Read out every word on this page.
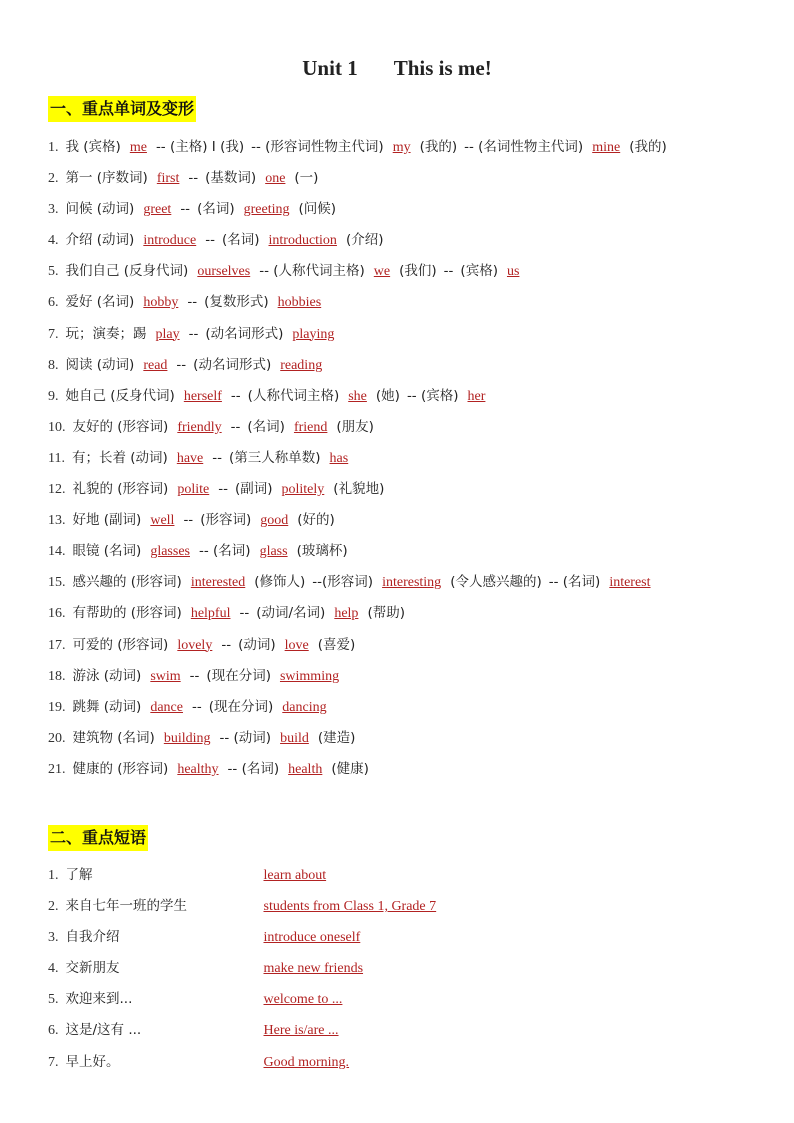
Unit 1 This is me!
一、重点单词及变形
1. 我 (宾格) me -- (主格) I (我) -- (形容词性物主代词) my (我的) -- (名词性物主代词) mine (我的)
2. 第一 (序数词) first -- (基数词) one (一)
3. 问候 (动词) greet -- (名词) greeting (问候)
4. 介绍 (动词) introduce -- (名词) introduction (介绍)
5. 我们自己 (反身代词) ourselves -- (人称代词主格) we (我们) -- (宾格) us
6. 爱好 (名词) hobby -- (复数形式) hobbies
7. 玩；演奏；踢 play -- (动名词形式) playing
8. 阅读 (动词) read -- (动名词形式) reading
9. 她自己 (反身代词) herself -- (人称代词主格) she (她) -- (宾格) her
10. 友好的 (形容词) friendly -- (名词) friend (朋友)
11. 有；长着 (动词) have -- (第三人称单数) has
12. 礼貌的 (形容词) polite -- (副词) politely (礼貌地)
13. 好地 (副词) well -- (形容词) good (好的)
14. 眼镜 (名词) glasses -- (名词) glass (玻璃杯)
15. 感兴趣的 (形容词) interested (修饰人) --(形容词) interesting (令人感兴趣的) -- (名词) interest
16. 有帮助的 (形容词) helpful -- (动词/名词) help (帮助)
17. 可爱的 (形容词) lovely -- (动词) love (喜爱)
18. 游泳 (动词) swim -- (现在分词) swimming
19. 跳舞 (动词) dance -- (现在分词) dancing
20. 建筑物 (名词) building -- (动词) build (建造)
21. 健康的 (形容词) healthy -- (名词) health (健康)
二、重点短语
1. 了解	learn about
2. 来自七年一班的学生	students from Class 1, Grade 7
3. 自我介绍	introduce oneself
4. 交新朋友	make new friends
5. 欢迎来到...	welcome to ...
6. 这是/这有 ...	Here is/are ...
7. 早上好。	Good morning.
